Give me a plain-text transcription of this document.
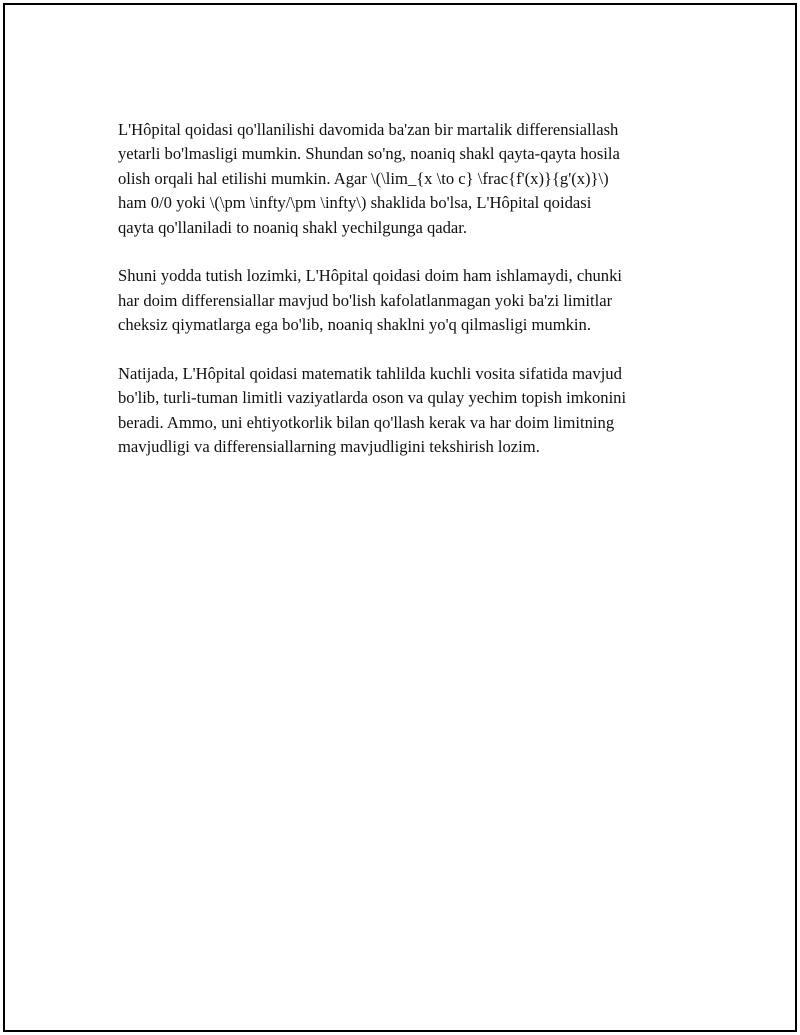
L'Hôpital qoidasi qo'llanilishi davomida ba'zan bir martalik differensiallash
yetarli bo'lmasligi mumkin. Shundan so'ng, noaniq shakl qayta-qayta hosila
olish orqali hal etilishi mumkin. Agar \(\lim_{x \to c} \frac{f'(x)}{g'(x)}\)
ham 0/0 yoki \(\pm \infty/\pm \infty\) shaklida bo'lsa, L'Hôpital qoidasi
qayta qo'llaniladi to noaniq shakl yechilgunga qadar.

Shuni yodda tutish lozimki, L'Hôpital qoidasi doim ham ishlamaydi, chunki
har doim differensiallar mavjud bo'lish kafolatlanmagan yoki ba'zi limitlar
cheksiz qiymatlarga ega bo'lib, noaniq shaklni yo'q qilmasligi mumkin.

Natijada, L'Hôpital qoidasi matematik tahlilda kuchli vosita sifatida mavjud
bo'lib, turli-tuman limitli vaziyatlarda oson va qulay yechim topish imkonini
beradi. Ammo, uni ehtiyotkorlik bilan qo'llash kerak va har doim limitning
mavjudligi va differensiallarning mavjudligini tekshirish lozim.
